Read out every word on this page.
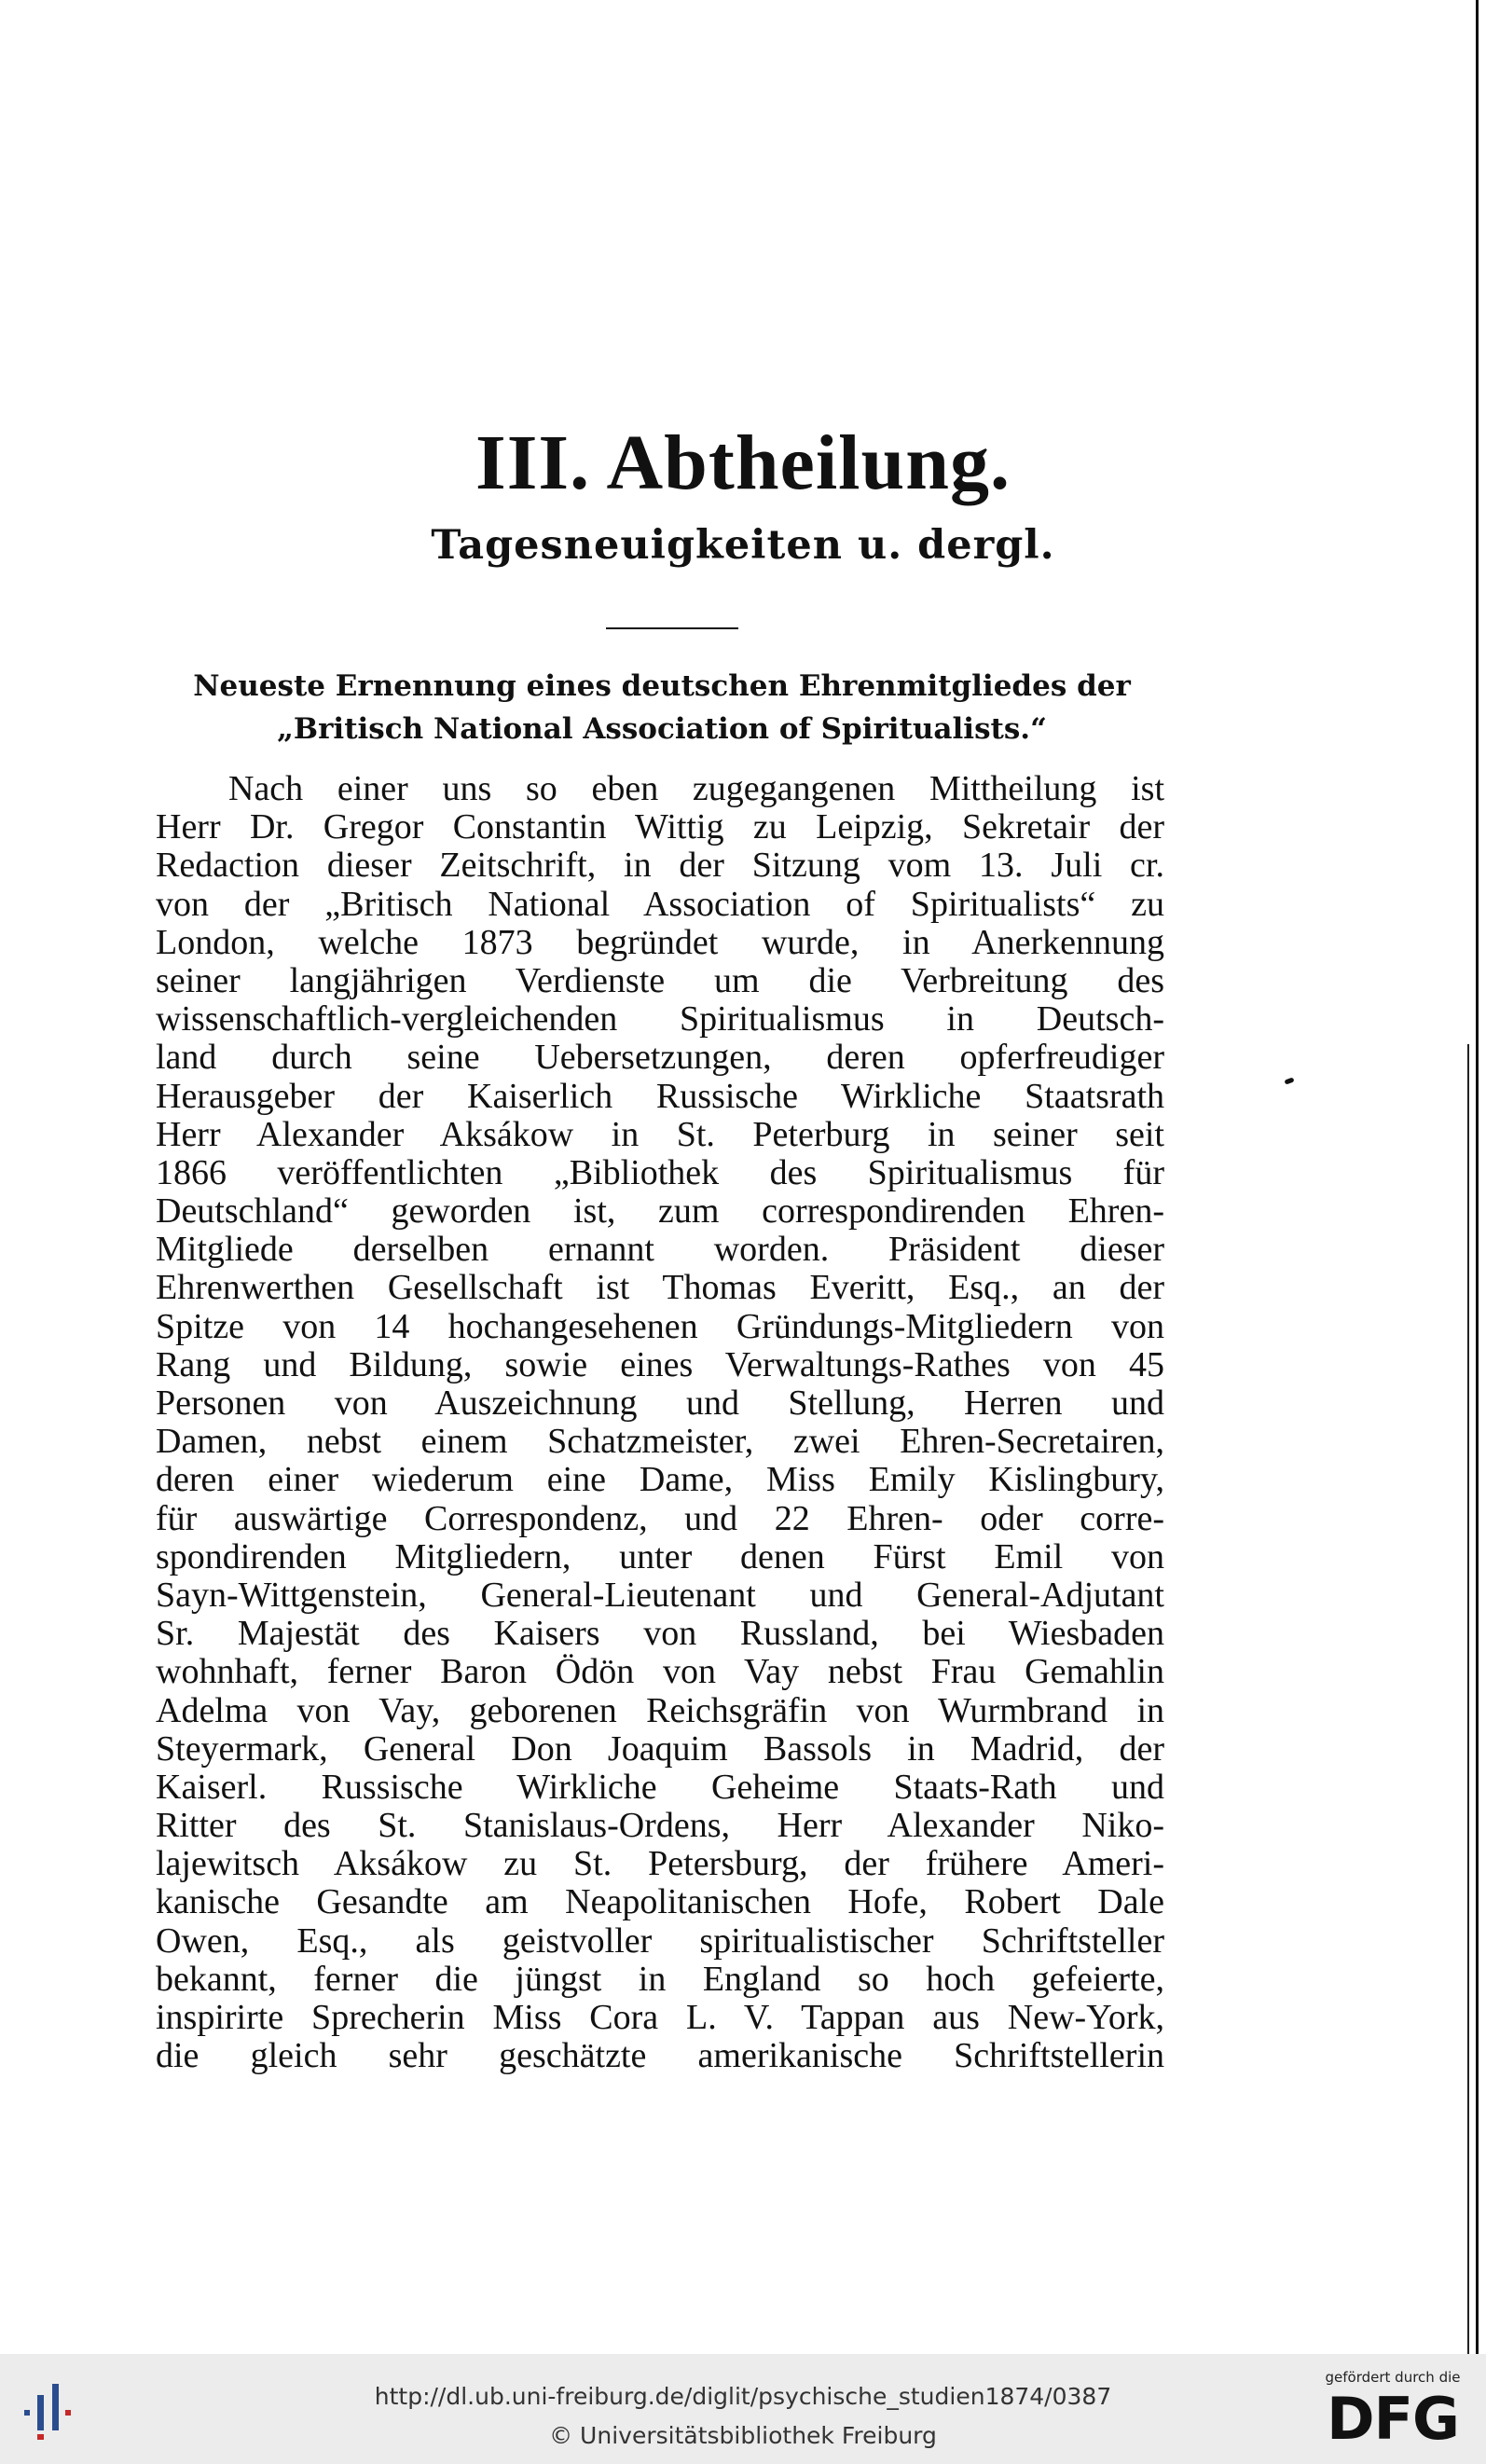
III. Abtheilung.
Tagesneuigkeiten u. dergl.
Neueste Ernennung eines deutschen Ehrenmitgliedes der
„Britisch National Association of Spiritualists.“
Nach einer uns so eben zugegangenen Mittheilung ist
Herr Dr. Gregor Constantin Wittig zu Leipzig, Sekretair der
Redaction dieser Zeitschrift, in der Sitzung vom 13. Juli cr.
von der „Britisch National Association of Spiritualists“ zu
London, welche 1873 begründet wurde, in Anerkennung
seiner langjährigen Verdienste um die Verbreitung des
wissenschaftlich-vergleichenden Spiritualismus in Deutsch-
land durch seine Uebersetzungen, deren opferfreudiger
Herausgeber der Kaiserlich Russische Wirkliche Staatsrath
Herr Alexander Aksákow in St. Peterburg in seiner seit
1866 veröffentlichten „Bibliothek des Spiritualismus für
Deutschland“ geworden ist, zum correspondirenden Ehren-
Mitgliede derselben ernannt worden. Präsident dieser
Ehrenwerthen Gesellschaft ist Thomas Everitt, Esq., an der
Spitze von 14 hochangesehenen Gründungs-Mitgliedern von
Rang und Bildung, sowie eines Verwaltungs-Rathes von 45
Personen von Auszeichnung und Stellung, Herren und
Damen, nebst einem Schatzmeister, zwei Ehren-Secretairen,
deren einer wiederum eine Dame, Miss Emily Kislingbury,
für auswärtige Correspondenz, und 22 Ehren- oder corre-
spondirenden Mitgliedern, unter denen Fürst Emil von
Sayn-Wittgenstein, General-Lieutenant und General-Adjutant
Sr. Majestät des Kaisers von Russland, bei Wiesbaden
wohnhaft, ferner Baron Ödön von Vay nebst Frau Gemahlin
Adelma von Vay, geborenen Reichsgräfin von Wurmbrand in
Steyermark, General Don Joaquim Bassols in Madrid, der
Kaiserl. Russische Wirkliche Geheime Staats-Rath und
Ritter des St. Stanislaus-Ordens, Herr Alexander Niko-
lajewitsch Aksákow zu St. Petersburg, der frühere Ameri-
kanische Gesandte am Neapolitanischen Hofe, Robert Dale
Owen, Esq., als geistvoller spiritualistischer Schriftsteller
bekannt, ferner die jüngst in England so hoch gefeierte,
inspirirte Sprecherin Miss Cora L. V. Tappan aus New-York,
die gleich sehr geschätzte amerikanische Schriftstellerin
http://dl.ub.uni-freiburg.de/diglit/psychische_studien1874/0387
© Universitätsbibliothek Freiburg
gefördert durch die
DFG
